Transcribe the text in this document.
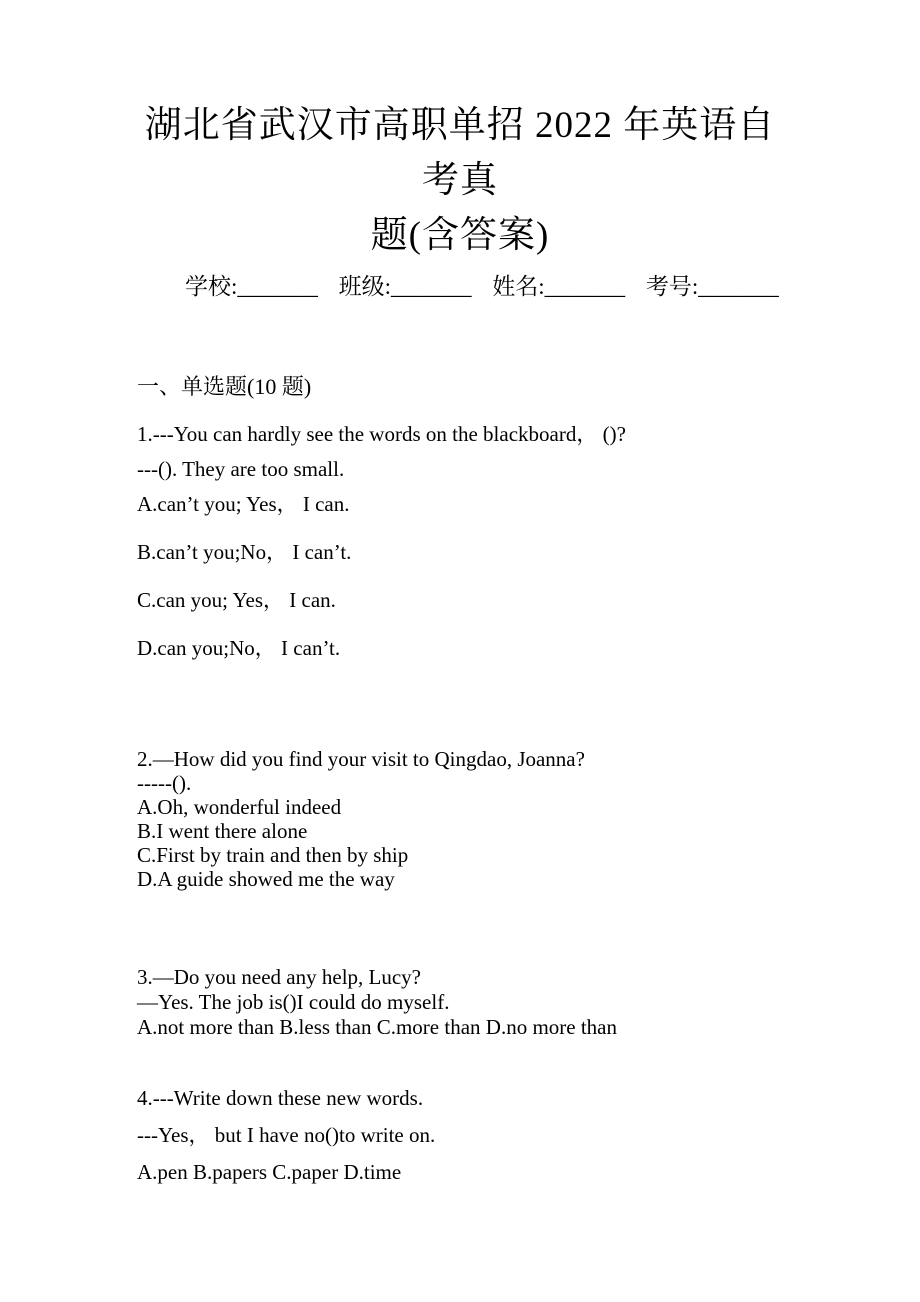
湖北省武汉市高职单招 2022 年英语自考真
题(含答案)

学校:_______ 班级:_______ 姓名:_______ 考号:_______

一、单选题(10 题)

1.---You can hardly see the words on the blackboard， ()?

---(). They are too small.

A.can’t you; Yes， I can.

B.can’t you;No， I can’t.

C.can you; Yes， I can.

D.can you;No， I can’t.

2.—How did you find your visit to Qingdao, Joanna?

-----().

A.Oh, wonderful indeed

B.I went there alone

C.First by train and then by ship

D.A guide showed me the way

3.—Do you need any help, Lucy?

—Yes. The job is()I could do myself.

A.not more than B.less than C.more than D.no more than

4.---Write down these new words.

---Yes， but I have no()to write on.

A.pen B.papers C.paper D.time
